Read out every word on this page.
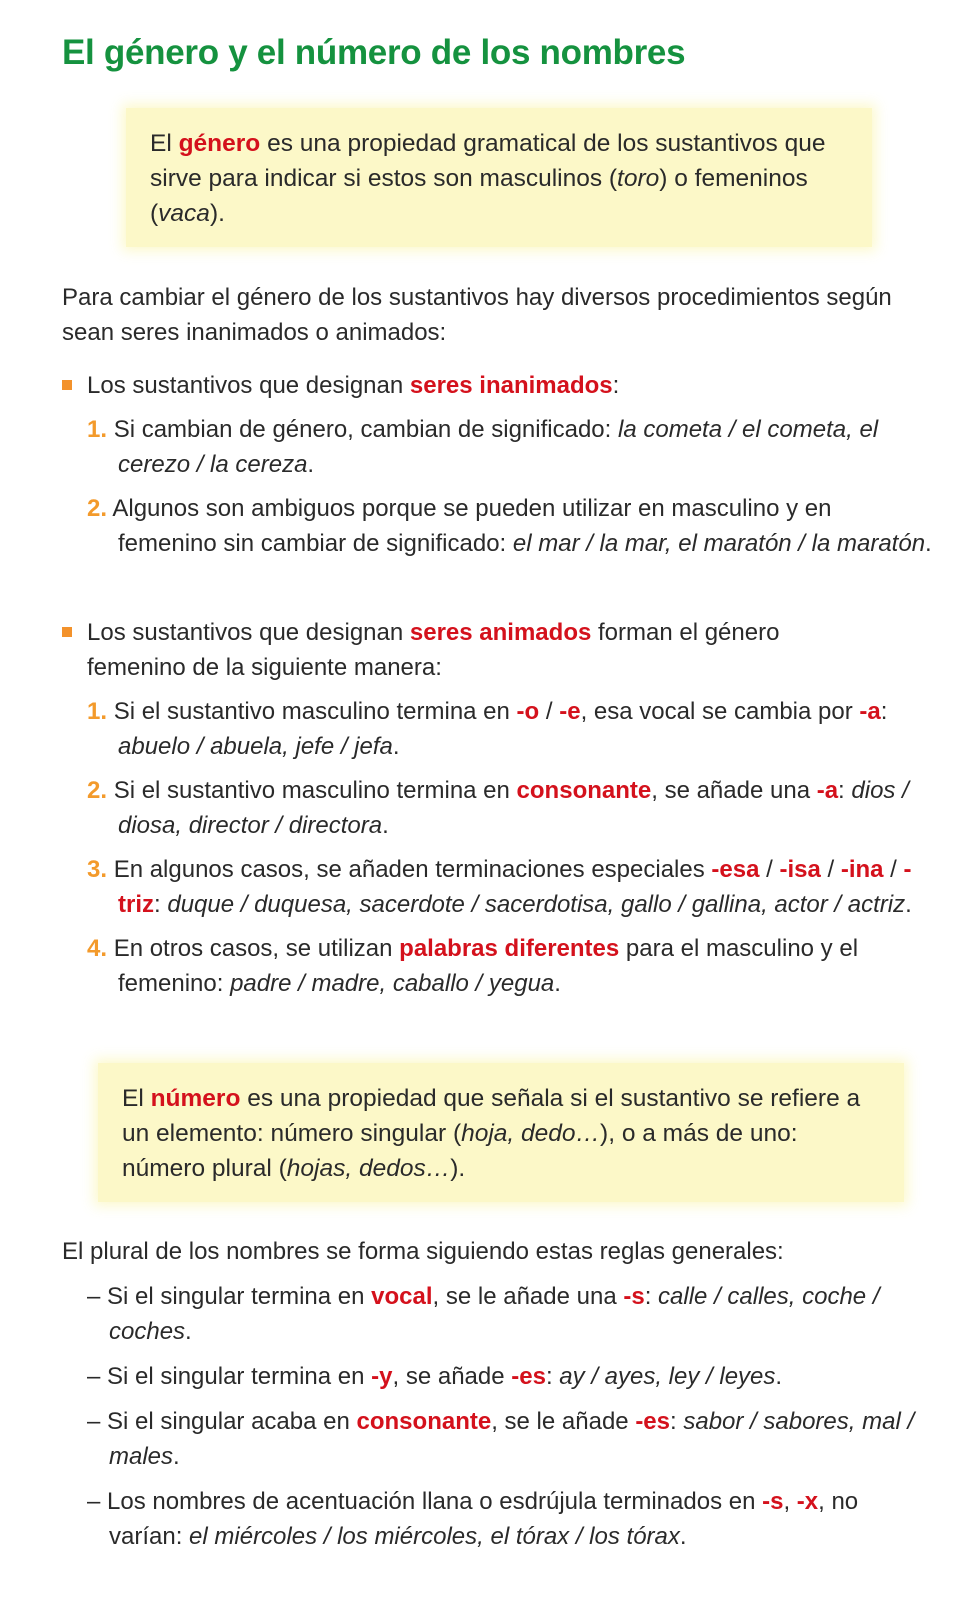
El género y el número de los nombres
El género es una propiedad gramatical de los sustantivos que sirve para indicar si estos son masculinos (toro) o femeninos (vaca).

Para cambiar el género de los sustantivos hay diversos procedimientos según sean seres inanimados o animados:

Los sustantivos que designan seres inanimados:
1. Si cambian de género, cambian de significado: la cometa / el cometa, el cerezo / la cereza.
2. Algunos son ambiguos porque se pueden utilizar en masculino y en femenino sin cambiar de significado: el mar / la mar, el maratón / la maratón.
Los sustantivos que designan seres animados forman el género femenino de la siguiente manera:
1. Si el sustantivo masculino termina en -o / -e, esa vocal se cambia por -a: abuelo / abuela, jefe / jefa.
2. Si el sustantivo masculino termina en consonante, se añade una -a: dios / diosa, director / directora.
3. En algunos casos, se añaden terminaciones especiales -esa / -isa / -ina / -triz: duque / duquesa, sacerdote / sacerdotisa, gallo / gallina, actor / actriz.
4. En otros casos, se utilizan palabras diferentes para el masculino y el femenino: padre / madre, caballo / yegua.
El número es una propiedad que señala si el sustantivo se refiere a un elemento: número singular (hoja, dedo…), o a más de uno: número plural (hojas, dedos…).

El plural de los nombres se forma siguiendo estas reglas generales:

– Si el singular termina en vocal, se le añade una -s: calle / calles, coche / coches.
– Si el singular termina en -y, se añade -es: ay / ayes, ley / leyes.
– Si el singular acaba en consonante, se le añade -es: sabor / sabores, mal / males.
– Los nombres de acentuación llana o esdrújula terminados en -s, -x, no varían: el miércoles / los miércoles, el tórax / los tórax.
